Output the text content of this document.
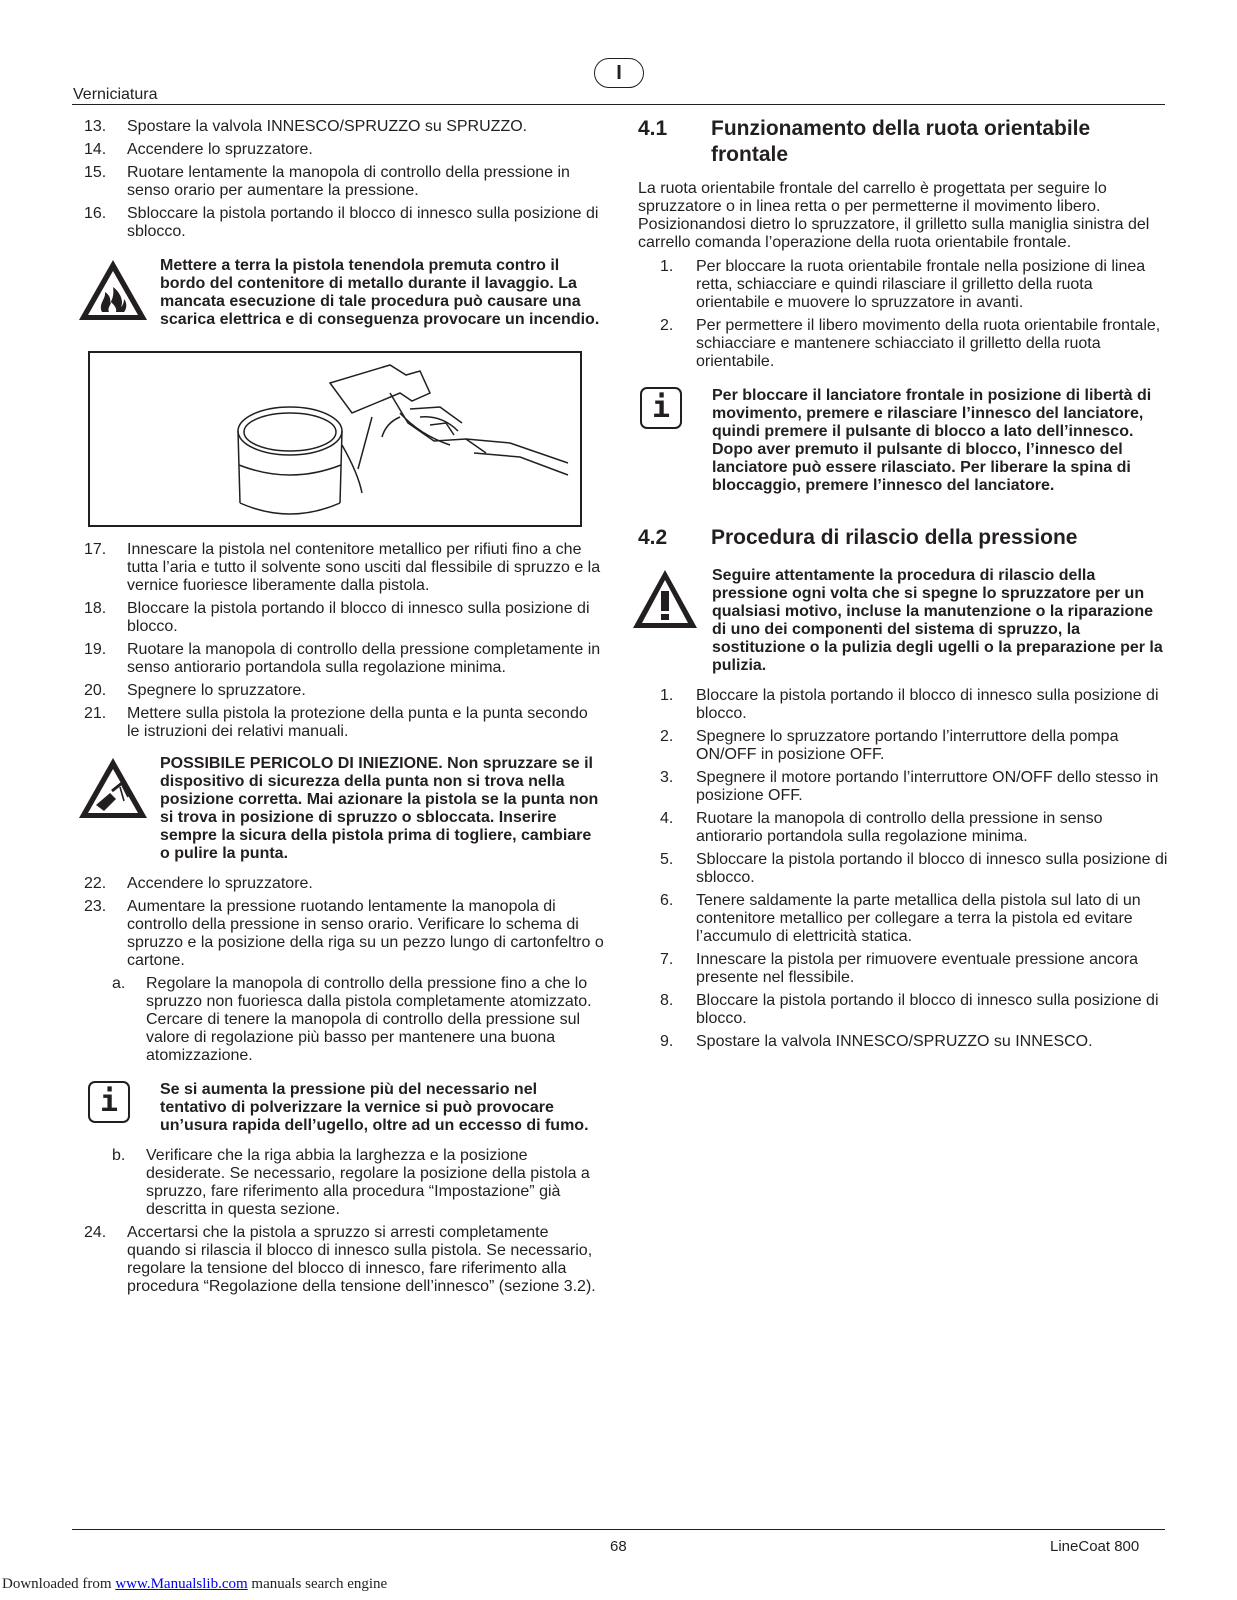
I
Verniciatura
13.	Spostare la valvola INNESCO/SPRUZZO su SPRUZZO.
14.	Accendere lo spruzzatore.
15.	Ruotare lentamente la manopola di controllo della pressione in senso orario per aumentare la pressione.
16.	Sbloccare la pistola portando il blocco di innesco sulla posizione di sblocco.
Mettere a terra la pistola tenendola premuta contro il bordo del contenitore di metallo durante il lavaggio. La mancata esecuzione di tale procedura può causare una scarica elettrica e di conseguenza provocare un incendio.
17.	Innescare la pistola nel contenitore metallico per rifiuti fino a che tutta l’aria e tutto il solvente sono usciti dal flessibile di spruzzo e la vernice fuoriesce liberamente dalla pistola.
18.	Bloccare la pistola portando il blocco di innesco sulla posizione di blocco.
19.	Ruotare la manopola di controllo della pressione completamente in senso antiorario portandola sulla regolazione minima.
20.	Spegnere lo spruzzatore.
21.	Mettere sulla pistola la protezione della punta e la punta secondo le istruzioni dei relativi manuali.
POSSIBILE PERICOLO DI INIEZIONE. Non spruzzare se il dispositivo di sicurezza della punta non si trova nella posizione corretta. Mai azionare la pistola se la punta non si trova in posizione di spruzzo o sbloccata. Inserire sempre la sicura della pistola prima di togliere, cambiare o pulire la punta.
22.	Accendere lo spruzzatore.
23.	Aumentare la pressione ruotando lentamente la manopola di controllo della pressione in senso orario. Verificare lo schema di spruzzo e la posizione della riga su un pezzo lungo di cartonfeltro o cartone.
a.	Regolare la manopola di controllo della pressione fino a che lo spruzzo non fuoriesca dalla pistola completamente atomizzato. Cercare di tenere la manopola di controllo della pressione sul valore di regolazione più basso per mantenere una buona atomizzazione.
i	Se si aumenta la pressione più del necessario nel tentativo di polverizzare la vernice si può provocare un’usura rapida dell’ugello, oltre ad un eccesso di fumo.
b.	Verificare che la riga abbia la larghezza e la posizione desiderate. Se necessario, regolare la posizione della pistola a spruzzo, fare riferimento alla procedura “Impostazione” già descritta in questa sezione.
24.	Accertarsi che la pistola a spruzzo si arresti completamente quando si rilascia il blocco di innesco sulla pistola. Se necessario, regolare la tensione del blocco di innesco, fare riferimento alla procedura “Regolazione della tensione dell’innesco” (sezione 3.2).
4.1	Funzionamento della ruota orientabile frontale
La ruota orientabile frontale del carrello è progettata per seguire lo spruzzatore o in linea retta o per permetterne il movimento libero. Posizionandosi dietro lo spruzzatore, il grilletto sulla maniglia sinistra del carrello comanda l’operazione della ruota orientabile frontale.
1.	Per bloccare la ruota orientabile frontale nella posizione di linea retta, schiacciare e quindi rilasciare il grilletto della ruota orientabile e muovere lo spruzzatore in avanti.
2.	Per permettere il libero movimento della ruota orientabile frontale, schiacciare e mantenere schiacciato il grilletto della ruota orientabile.
i	Per bloccare il lanciatore frontale in posizione di libertà di movimento, premere e rilasciare l’innesco del lanciatore, quindi premere il pulsante di blocco a lato dell’innesco. Dopo aver premuto il pulsante di blocco, l’innesco del lanciatore può essere rilasciato. Per liberare la spina di bloccaggio, premere l’innesco del lanciatore.
4.2	Procedura di rilascio della pressione
Seguire attentamente la procedura di rilascio della pressione ogni volta che si spegne lo spruzzatore per un qualsiasi motivo, incluse la manutenzione o la riparazione di uno dei componenti del sistema di spruzzo, la sostituzione o la pulizia degli ugelli o la preparazione per la pulizia.
1.	Bloccare la pistola portando il blocco di innesco sulla posizione di blocco.
2.	Spegnere lo spruzzatore portando l’interruttore della pompa ON/OFF in posizione OFF.
3.	Spegnere il motore portando l’interruttore ON/OFF dello stesso in posizione OFF.
4.	Ruotare la manopola di controllo della pressione in senso antiorario portandola sulla regolazione minima.
5.	Sbloccare la pistola portando il blocco di innesco sulla posizione di sblocco.
6.	Tenere saldamente la parte metallica della pistola sul lato di un contenitore metallico per collegare a terra la pistola ed evitare l’accumulo di elettricità statica.
7.	Innescare la pistola per rimuovere eventuale pressione ancora presente nel flessibile.
8.	Bloccare la pistola portando il blocco di innesco sulla posizione di blocco.
9.	Spostare la valvola INNESCO/SPRUZZO su INNESCO.
68	LineCoat 800
Downloaded from www.Manualslib.com manuals search engine
